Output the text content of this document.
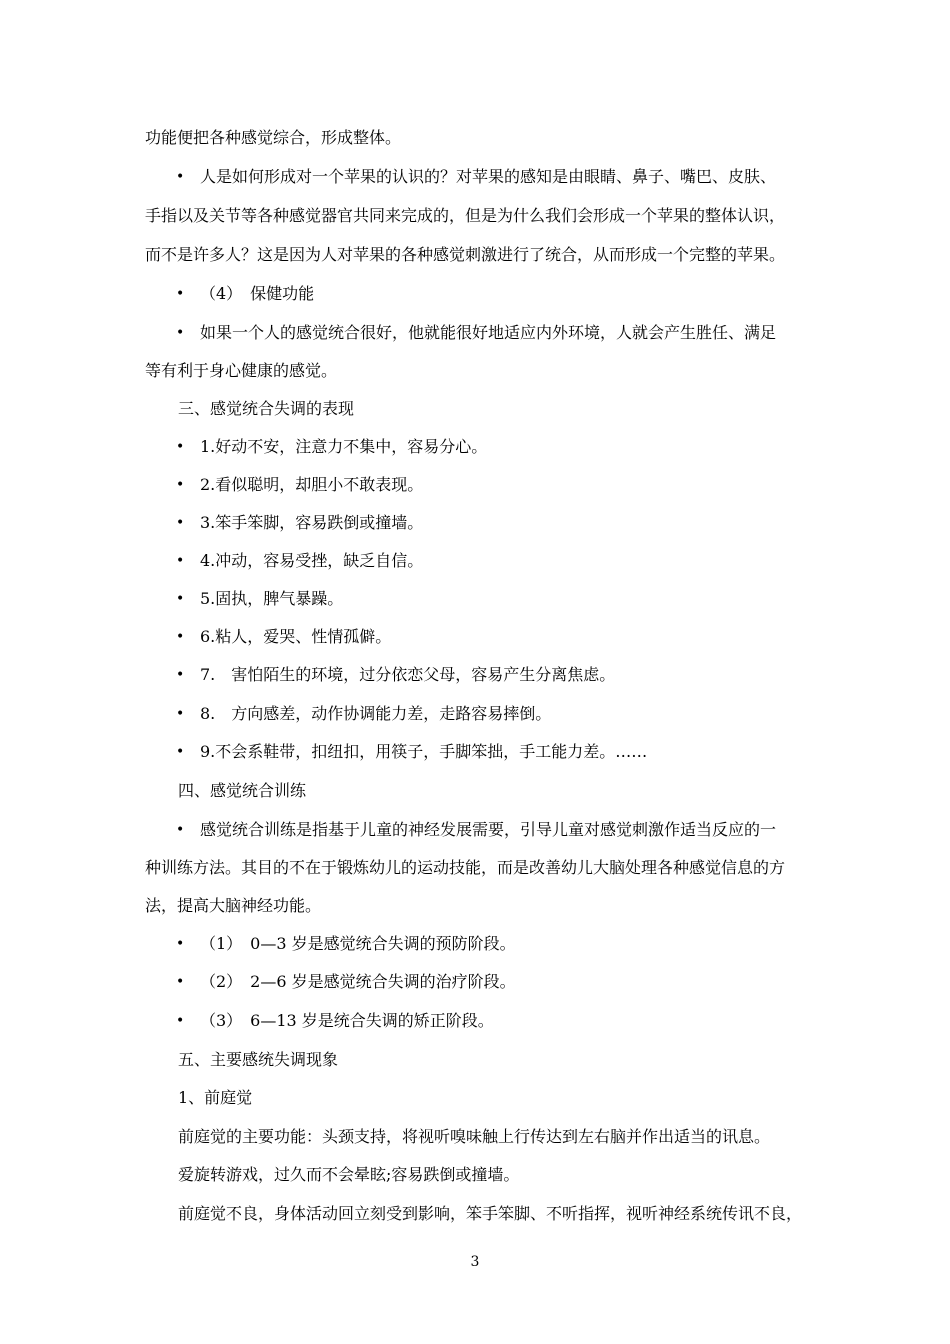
功能便把各种感觉综合，形成整体。
• 人是如何形成对一个苹果的认识的？对苹果的感知是由眼睛、鼻子、嘴巴、皮肤、
手指以及关节等各种感觉器官共同来完成的，但是为什么我们会形成一个苹果的整体认识，
而不是许多人？这是因为人对苹果的各种感觉刺激进行了统合，从而形成一个完整的苹果。
• （4）　保健功能
• 如果一个人的感觉统合很好，他就能很好地适应内外环境，人就会产生胜任、满足
等有利于身心健康的感觉。
三、感觉统合失调的表现
• 1.好动不安，注意力不集中，容易分心。
• 2.看似聪明，却胆小不敢表现。
• 3.笨手笨脚，容易跌倒或撞墙。
• 4.冲动，容易受挫，缺乏自信。
• 5.固执，脾气暴躁。
• 6.粘人，爱哭、性情孤僻。
• 7.　害怕陌生的环境，过分依恋父母，容易产生分离焦虑。
• 8.　方向感差，动作协调能力差，走路容易摔倒。
• 9.不会系鞋带，扣纽扣，用筷子，手脚笨拙，手工能力差。……
四、感觉统合训练
• 感觉统合训练是指基于儿童的神经发展需要，引导儿童对感觉刺激作适当反应的一
种训练方法。其目的不在于锻炼幼儿的运动技能，而是改善幼儿大脑处理各种感觉信息的方
法，提高大脑神经功能。
• （1）　0—3 岁是感觉统合失调的预防阶段。
• （2）　2—6 岁是感觉统合失调的治疗阶段。
• （3）　6—13 岁是统合失调的矫正阶段。
五、主要感统失调现象
1、前庭觉
前庭觉的主要功能：头颈支持，将视听嗅味触上行传达到左右脑并作出适当的讯息。
爱旋转游戏，过久而不会晕眩;容易跌倒或撞墙。
前庭觉不良，身体活动回立刻受到影响，笨手笨脚、不听指挥，视听神经系统传讯不良，
3
